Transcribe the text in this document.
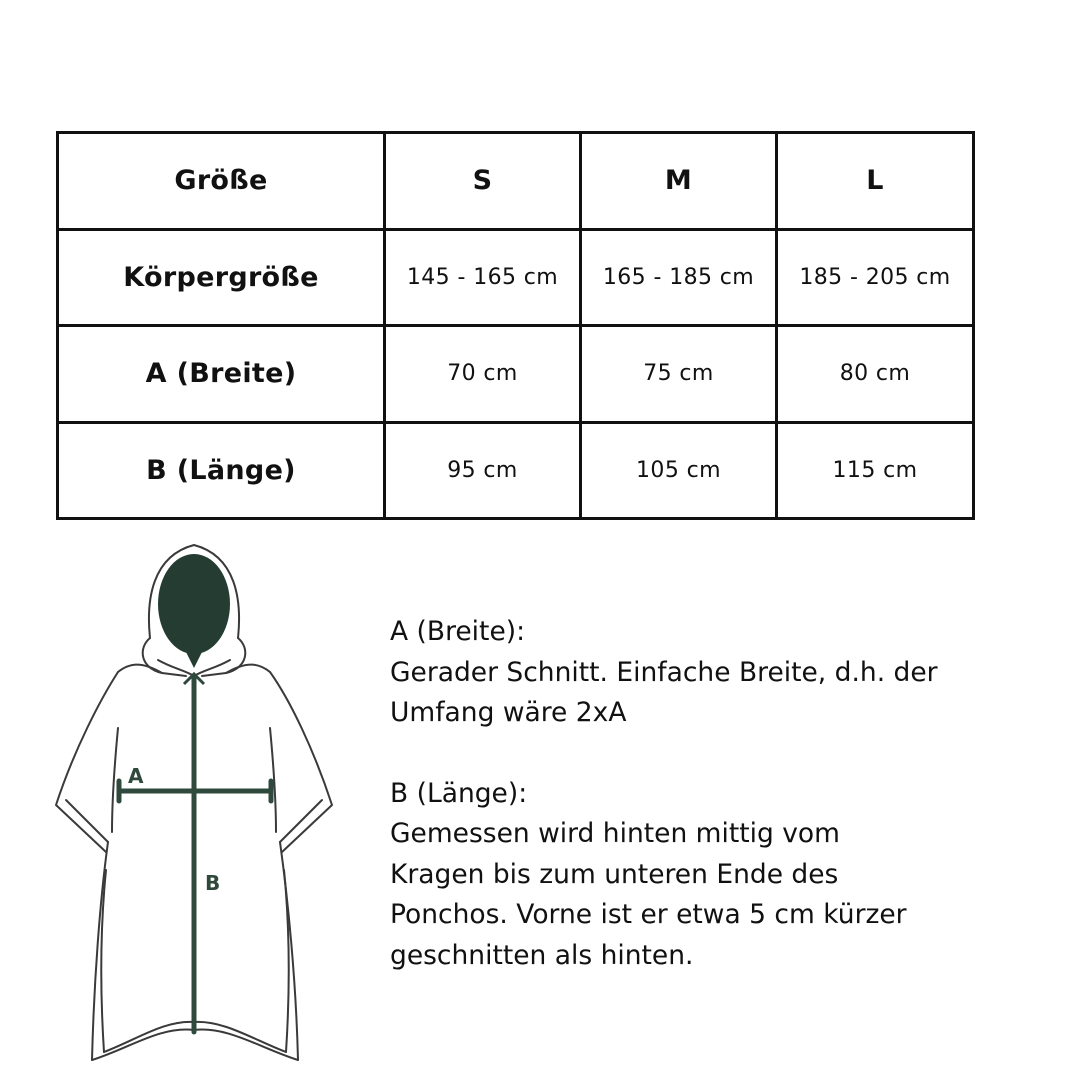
Größe	S	M	L
Körpergröße	145 - 165 cm	165 - 185 cm	185 - 205 cm
A (Breite)	70 cm	75 cm	80 cm
B (Länge)	95 cm	105 cm	115 cm
A
B

A (Breite):

Gerader Schnitt. Einfache Breite, d.h. der

Umfang wäre 2xA

B (Länge):

Gemessen wird hinten mittig vom

Kragen bis zum unteren Ende des

Ponchos. Vorne ist er etwa 5 cm kürzer

geschnitten als hinten.
